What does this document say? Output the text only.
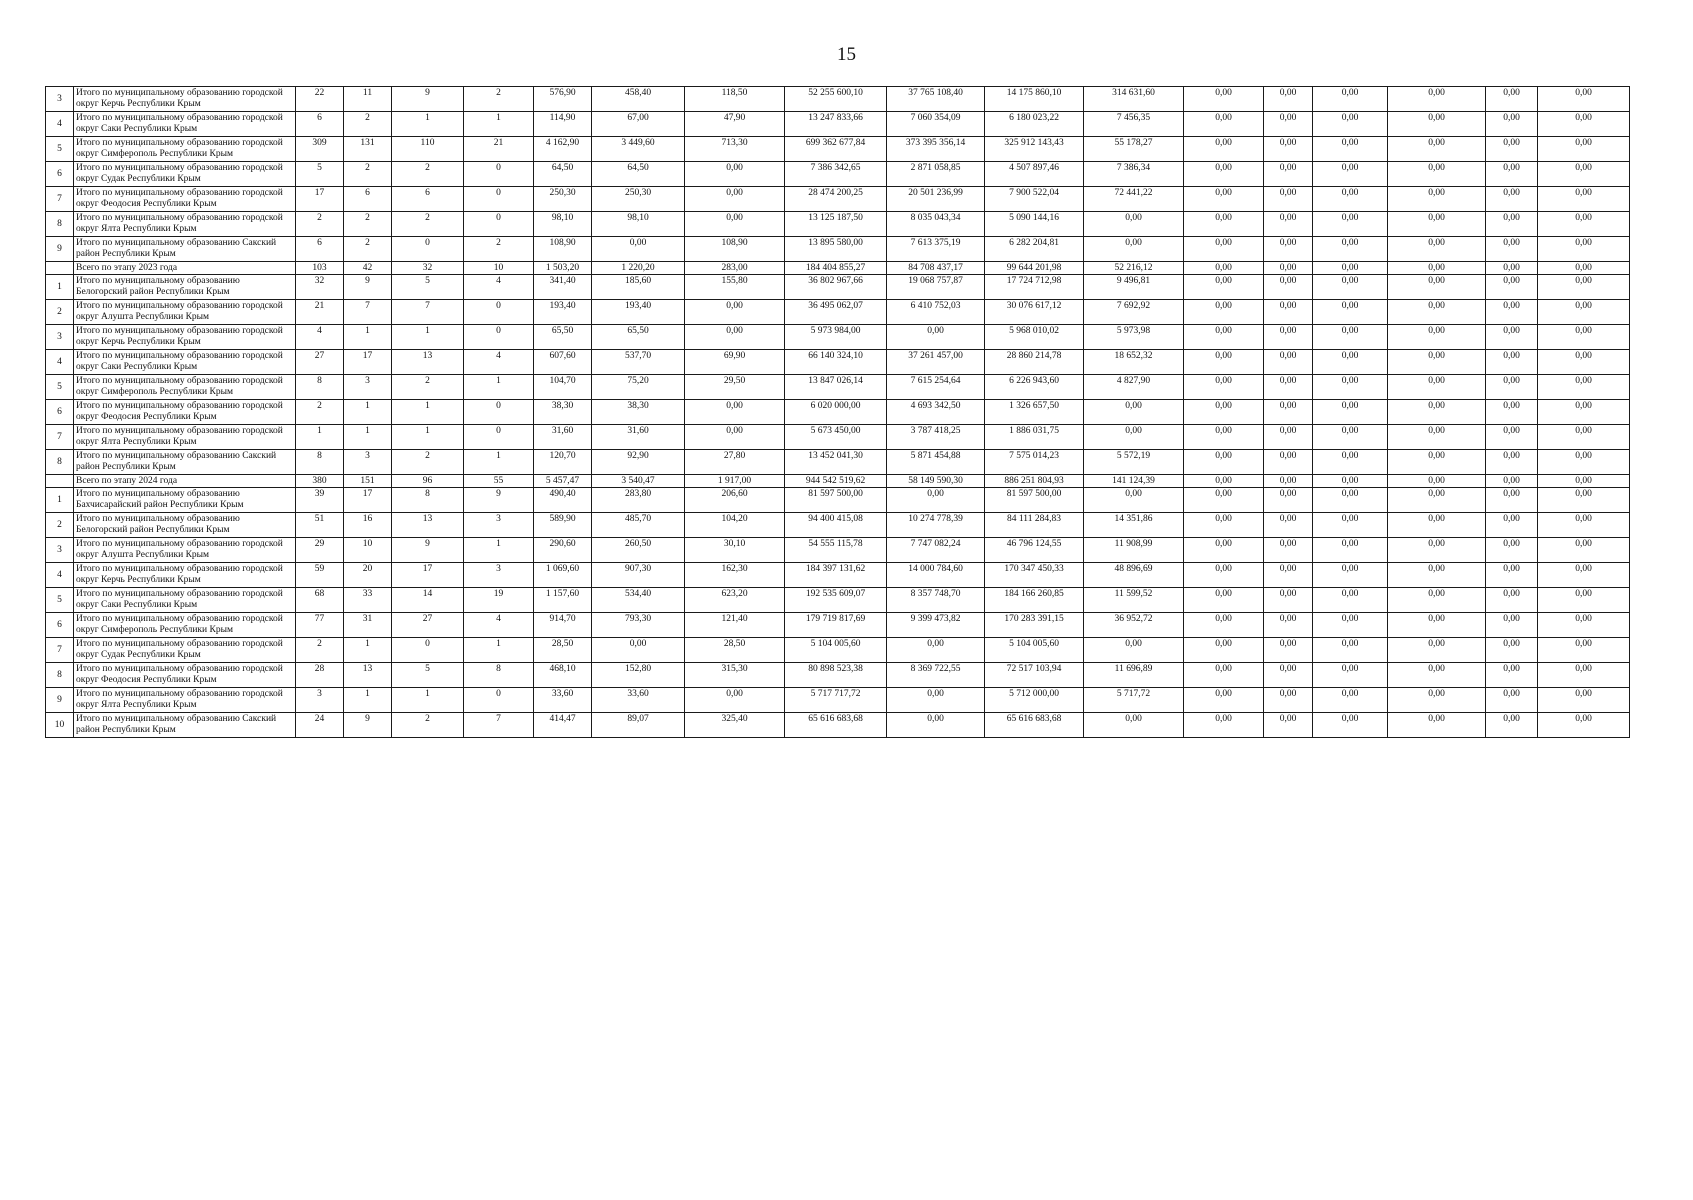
15
3	Итого по муниципальному образованию городской округ Керчь Республики Крым	22	11	9	2	576,90	458,40	118,50	52 255 600,10	37 765 108,40	14 175 860,10	314 631,60	0,00	0,00	0,00	0,00	0,00	0,00
4	Итого по муниципальному образованию городской округ Саки Республики Крым	6	2	1	1	114,90	67,00	47,90	13 247 833,66	7 060 354,09	6 180 023,22	7 456,35	0,00	0,00	0,00	0,00	0,00	0,00
5	Итого по муниципальному образованию городской округ Симферополь Республики Крым	309	131	110	21	4 162,90	3 449,60	713,30	699 362 677,84	373 395 356,14	325 912 143,43	55 178,27	0,00	0,00	0,00	0,00	0,00	0,00
6	Итого по муниципальному образованию городской округ Судак Республики Крым	5	2	2	0	64,50	64,50	0,00	7 386 342,65	2 871 058,85	4 507 897,46	7 386,34	0,00	0,00	0,00	0,00	0,00	0,00
7	Итого по муниципальному образованию городской округ Феодосия Республики Крым	17	6	6	0	250,30	250,30	0,00	28 474 200,25	20 501 236,99	7 900 522,04	72 441,22	0,00	0,00	0,00	0,00	0,00	0,00
8	Итого по муниципальному образованию городской округ Ялта Республики Крым	2	2	2	0	98,10	98,10	0,00	13 125 187,50	8 035 043,34	5 090 144,16	0,00	0,00	0,00	0,00	0,00	0,00	0,00
9	Итого по муниципальному образованию Сакский район Республики Крым	6	2	0	2	108,90	0,00	108,90	13 895 580,00	7 613 375,19	6 282 204,81	0,00	0,00	0,00	0,00	0,00	0,00	0,00
	Всего по этапу 2023 года	103	42	32	10	1 503,20	1 220,20	283,00	184 404 855,27	84 708 437,17	99 644 201,98	52 216,12	0,00	0,00	0,00	0,00	0,00	0,00
1	Итого по муниципальному образованию Белогорский район Республики Крым	32	9	5	4	341,40	185,60	155,80	36 802 967,66	19 068 757,87	17 724 712,98	9 496,81	0,00	0,00	0,00	0,00	0,00	0,00
2	Итого по муниципальному образованию городской округ Алушта Республики Крым	21	7	7	0	193,40	193,40	0,00	36 495 062,07	6 410 752,03	30 076 617,12	7 692,92	0,00	0,00	0,00	0,00	0,00	0,00
3	Итого по муниципальному образованию городской округ Керчь Республики Крым	4	1	1	0	65,50	65,50	0,00	5 973 984,00	0,00	5 968 010,02	5 973,98	0,00	0,00	0,00	0,00	0,00	0,00
4	Итого по муниципальному образованию городской округ Саки Республики Крым	27	17	13	4	607,60	537,70	69,90	66 140 324,10	37 261 457,00	28 860 214,78	18 652,32	0,00	0,00	0,00	0,00	0,00	0,00
5	Итого по муниципальному образованию городской округ Симферополь Республики Крым	8	3	2	1	104,70	75,20	29,50	13 847 026,14	7 615 254,64	6 226 943,60	4 827,90	0,00	0,00	0,00	0,00	0,00	0,00
6	Итого по муниципальному образованию городской округ Феодосия Республики Крым	2	1	1	0	38,30	38,30	0,00	6 020 000,00	4 693 342,50	1 326 657,50	0,00	0,00	0,00	0,00	0,00	0,00	0,00
7	Итого по муниципальному образованию городской округ Ялта Республики Крым	1	1	1	0	31,60	31,60	0,00	5 673 450,00	3 787 418,25	1 886 031,75	0,00	0,00	0,00	0,00	0,00	0,00	0,00
8	Итого по муниципальному образованию Сакский район Республики Крым	8	3	2	1	120,70	92,90	27,80	13 452 041,30	5 871 454,88	7 575 014,23	5 572,19	0,00	0,00	0,00	0,00	0,00	0,00
	Всего по этапу 2024 года	380	151	96	55	5 457,47	3 540,47	1 917,00	944 542 519,62	58 149 590,30	886 251 804,93	141 124,39	0,00	0,00	0,00	0,00	0,00	0,00
1	Итого по муниципальному образованию Бахчисарайский район Республики Крым	39	17	8	9	490,40	283,80	206,60	81 597 500,00	0,00	81 597 500,00	0,00	0,00	0,00	0,00	0,00	0,00	0,00
2	Итого по муниципальному образованию Белогорский район Республики Крым	51	16	13	3	589,90	485,70	104,20	94 400 415,08	10 274 778,39	84 111 284,83	14 351,86	0,00	0,00	0,00	0,00	0,00	0,00
3	Итого по муниципальному образованию городской округ Алушта Республики Крым	29	10	9	1	290,60	260,50	30,10	54 555 115,78	7 747 082,24	46 796 124,55	11 908,99	0,00	0,00	0,00	0,00	0,00	0,00
4	Итого по муниципальному образованию городской округ Керчь Республики Крым	59	20	17	3	1 069,60	907,30	162,30	184 397 131,62	14 000 784,60	170 347 450,33	48 896,69	0,00	0,00	0,00	0,00	0,00	0,00
5	Итого по муниципальному образованию городской округ Саки Республики Крым	68	33	14	19	1 157,60	534,40	623,20	192 535 609,07	8 357 748,70	184 166 260,85	11 599,52	0,00	0,00	0,00	0,00	0,00	0,00
6	Итого по муниципальному образованию городской округ Симферополь Республики Крым	77	31	27	4	914,70	793,30	121,40	179 719 817,69	9 399 473,82	170 283 391,15	36 952,72	0,00	0,00	0,00	0,00	0,00	0,00
7	Итого по муниципальному образованию городской округ Судак Республики Крым	2	1	0	1	28,50	0,00	28,50	5 104 005,60	0,00	5 104 005,60	0,00	0,00	0,00	0,00	0,00	0,00	0,00
8	Итого по муниципальному образованию городской округ Феодосия Республики Крым	28	13	5	8	468,10	152,80	315,30	80 898 523,38	8 369 722,55	72 517 103,94	11 696,89	0,00	0,00	0,00	0,00	0,00	0,00
9	Итого по муниципальному образованию городской округ Ялта Республики Крым	3	1	1	0	33,60	33,60	0,00	5 717 717,72	0,00	5 712 000,00	5 717,72	0,00	0,00	0,00	0,00	0,00	0,00
10	Итого по муниципальному образованию Сакский район Республики Крым	24	9	2	7	414,47	89,07	325,40	65 616 683,68	0,00	65 616 683,68	0,00	0,00	0,00	0,00	0,00	0,00	0,00
